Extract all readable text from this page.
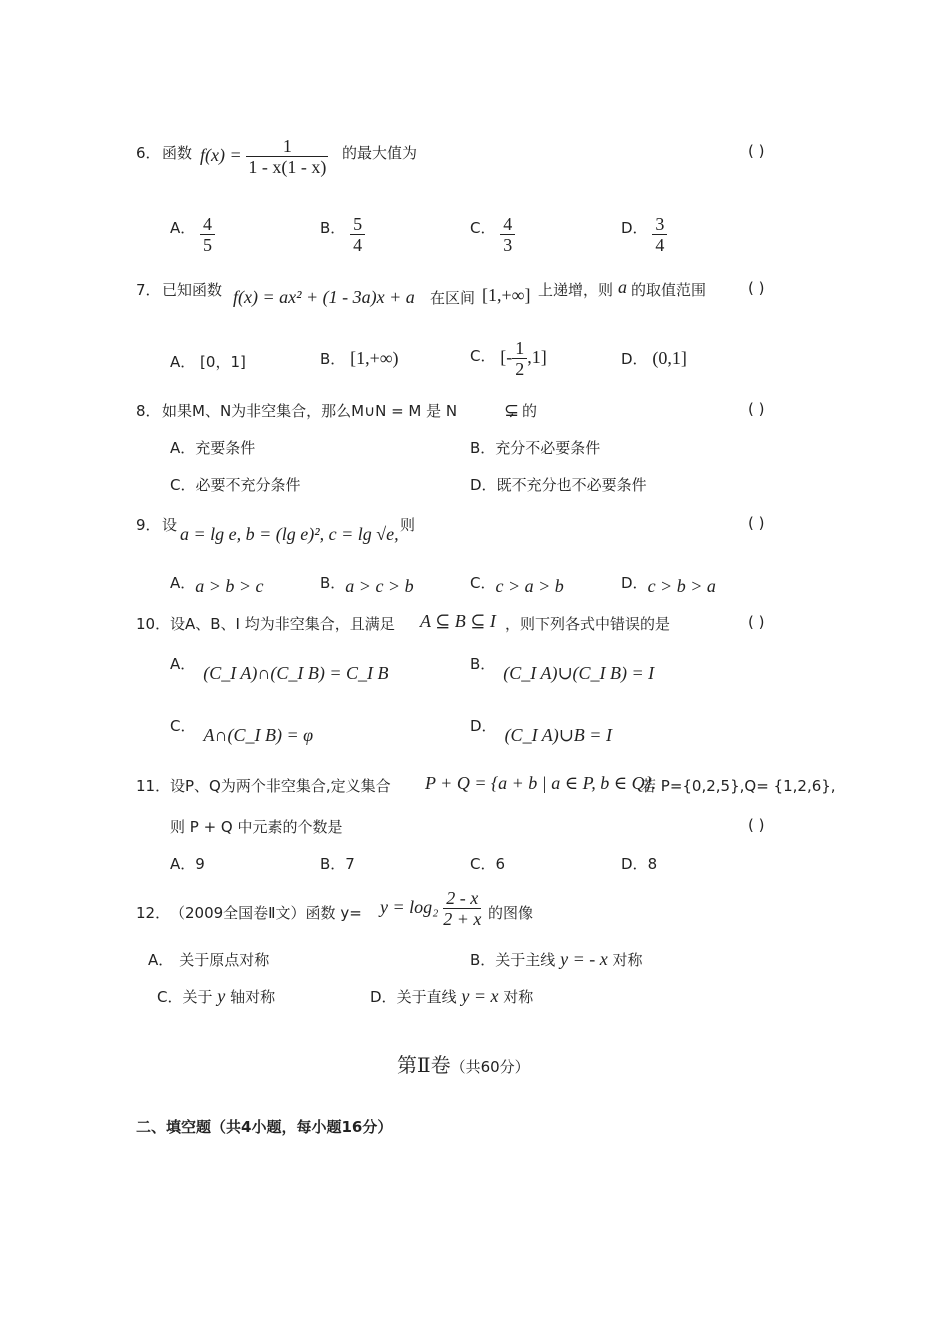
6． 函数 $f(x) = \frac{1}{1 - x(1 - x)}$ 的最大值为	( )
A． $\frac{4}{5}$	B． $\frac{5}{4}$	C． $\frac{4}{3}$	D． $\frac{3}{4}$
7． 已知函数 f(x) = ax² + (1 - 3a)x + a 在区间 [1,+∞] 上递增，则 a 的取值范围	( )
A． [0，1]	B． [1,+∞)	C． [- $\frac{1}{2} ,1$]	D． (0,1]
8． 如果M、N为非空集合，那么M∪N = M 是 N	⊊ 的	( )
A．充要条件	B．充分不必要条件
C．必要不充分条件	D．既不充分也不必要条件
9． 设 a = lg e, b = (lg e)², c = lg √e, 则	( )
A．a > b > c	B．a > c > b	C．c > a > b	D．c > b > a
10． 设A、B、I 均为非空集合，且满足 A ⊆ B ⊆ I ，则下列各式中错误的是	( )
A． (C_I A)∩(C_I B) = C_I B	B． (C_I A)∪(C_I B) = I
C． A∩(C_I B) = φ	D． (C_I A)∪B = I
11． 设P、Q为两个非空集合,定义集合 P + Q = {a + b | a ∈ P, b ∈ Q}.
若 P={0,2,5},Q= {1,2,6},
则 P + Q 中元素的个数是	( )
A．9	B．7	C．6	D．8
12． （2009全国卷Ⅱ文）函数 $y= y = \log_2 \frac{2 - x}{2 + x}$ 的图像
A． 关于原点对称	B．关于主线 y = - x 对称
C．关于 y 轴对称	D．关于直线 y = x 对称
第Ⅱ卷（共60分）
二、填空题（共4小题，每小题16分）
